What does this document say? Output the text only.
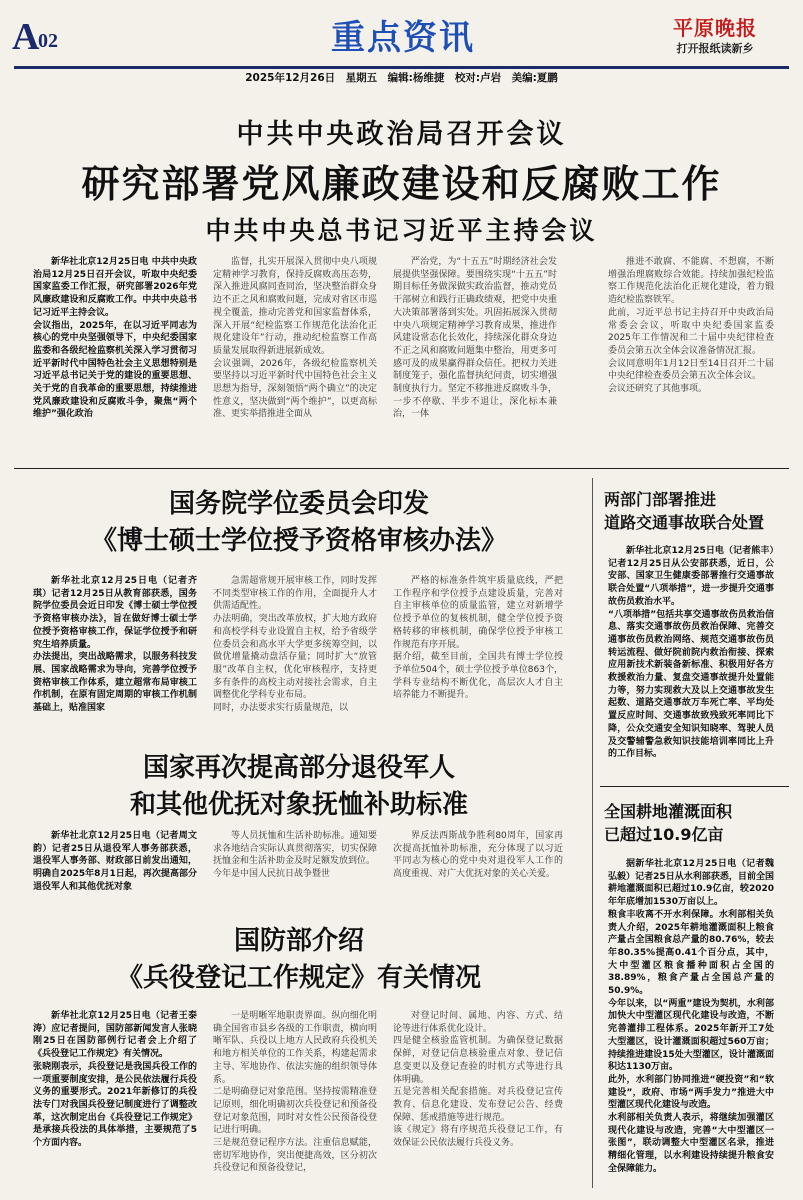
A
02	重点资讯	平原晚报
打开报纸读新乡
2025年12月26日　星期五　编辑:杨维捷　校对:卢岩　美编:夏鹏
中共中央政治局召开会议
研究部署党风廉政建设和反腐败工作
中共中央总书记习近平主持会议

新华社北京12月25日电 中共中央政治局12月25日召开会议，听取中央纪委国家监委工作汇报，研究部署2026年党风廉政建设和反腐败工作。中共中央总书记习近平主持会议。
会议指出，2025年，在以习近平同志为核心的党中央坚强领导下，中央纪委国家监委和各级纪检监察机关深入学习贯彻习近平新时代中国特色社会主义思想特别是习近平总书记关于党的建设的重要思想、关于党的自我革命的重要思想，持续推进党风廉政建设和反腐败斗争，聚焦“两个维护”强化政治

监督，扎实开展深入贯彻中央八项规定精神学习教育，保持反腐败高压态势，深入推进风腐同查同治，坚决整治群众身边不正之风和腐败问题，完成对省区市巡视全覆盖，推动完善党和国家监督体系，深入开展“纪检监察工作规范化法治化正规化建设年”行动，推动纪检监察工作高质量发展取得新进展新成效。
会议强调，2026年，各级纪检监察机关要坚持以习近平新时代中国特色社会主义思想为指导，深刻领悟“两个确立”的决定性意义，坚决做到“两个维护”，以更高标准、更实举措推进全面从

严治党，为“十五五”时期经济社会发展提供坚强保障。要围绕实现“十五五”时期目标任务做深做实政治监督，推动党员干部树立和践行正确政绩观，把党中央重大决策部署落到实处。巩固拓展深入贯彻中央八项规定精神学习教育成果，推进作风建设常态化长效化，持续深化群众身边不正之风和腐败问题集中整治，用更多可感可及的成果赢得群众信任。把权力关进制度笼子，强化监督执纪问责，切实增强制度执行力。坚定不移推进反腐败斗争，一步不停歇、半步不退让，深化标本兼治，一体

推进不敢腐、不能腐、不想腐，不断增强治理腐败综合效能。持续加强纪检监察工作规范化法治化正规化建设，着力锻造纪检监察铁军。
此前，习近平总书记主持召开中央政治局常委会会议，听取中央纪委国家监委2025年工作情况和二十届中央纪律检查委员会第五次全体会议准备情况汇报。
会议同意明年1月12日至14日召开二十届中央纪律检查委员会第五次全体会议。
会议还研究了其他事项。

国务院学位委员会印发
《博士硕士学位授予资格审核办法》

新华社北京12月25日电（记者齐琪）记者12月25日从教育部获悉，国务院学位委员会近日印发《博士硕士学位授予资格审核办法》，旨在做好博士硕士学位授予资格审核工作，保证学位授予和研究生培养质量。
办法提出，突出战略需求，以服务科技发展、国家战略需求为导向，完善学位授予资格审核工作体系，建立超常布局审核工作机制，在原有固定周期的审核工作机制基础上，贴准国家

急需超常规开展审核工作，同时发挥不同类型审核工作的作用，全面提升人才供需适配性。
办法明确，突出改革放权，扩大地方政府和高校学科专业设置自主权，给予省级学位委员会和高水平大学更多统筹空间，以做优增量撬动盘活存量；同时扩大“放管服”改革自主权，优化审核程序，支持更多有条件的高校主动对接社会需求，自主调整优化学科专业布局。
同时，办法要求实行质量规范，以

严格的标准条件筑牢质量底线，严把工作程序和学位授予点建设质量，完善对自主审核单位的质量监管，建立对新增学位授予单位的复核机制，健全学位授予资格转移的审核机制，确保学位授予审核工作规范有序开展。
据介绍，截至目前，全国共有博士学位授予单位504个，硕士学位授予单位863个，学科专业结构不断优化，高层次人才自主培养能力不断提升。

两部门部署推进
道路交通事故联合处置

新华社北京12月25日电（记者熊丰）记者12月25日从公安部获悉，近日，公安部、国家卫生健康委部署推行交通事故联合处置“八项举措”，进一步提升交通事故伤员救治水平。
“八项举措”包括共享交通事故伤员救治信息、落实交通事故伤员救治保障、完善交通事故伤员救治网络、规范交通事故伤员转运流程、做好院前院内救治衔接、探索应用新技术新装备新标准、积极用好各方救援救治力量、复盘交通事故提升处置能力等，努力实现救大及以上交通事故发生起数、道路交通事故万车死亡率、平均处置反应时间、交通事故致残致死率同比下降，公众交通安全知识知晓率、驾驶人员及交警辅警急救知识技能培训率同比上升的工作目标。

国家再次提高部分退役军人
和其他优抚对象抚恤补助标准

新华社北京12月25日电（记者周文韵）记者25日从退役军人事务部获悉，退役军人事务部、财政部日前发出通知，明确自2025年8月1日起，再次提高部分退役军人和其他优抚对象

等人员抚恤和生活补助标准。通知要求各地结合实际认真贯彻落实，切实保障抚恤金和生活补助金及时足额发放到位。
今年是中国人民抗日战争暨世

界反法西斯战争胜利80周年，国家再次提高抚恤补助标准，充分体现了以习近平同志为核心的党中央对退役军人工作的高度重视、对广大优抚对象的关心关爱。

全国耕地灌溉面积
已超过10.9亿亩

据新华社北京12月25日电（记者魏弘毅）记者25日从水利部获悉，目前全国耕地灌溉面积已超过10.9亿亩，较2020年年底增加1530万亩以上。
粮食丰收离不开水利保障。水利部相关负责人介绍，2025年耕地灌溉面积上粮食产量占全国粮食总产量的80.76%，较去年80.35%提高0.41个百分点，其中，大中型灌区粮食播种面积占全国的38.89%，粮食产量占全国总产量的50.9%。
今年以来，以“两重”建设为契机，水利部加快大中型灌区现代化建设与改造，不断完善灌排工程体系。2025年新开工7处大型灌区，设计灌溉面积超过560万亩；持续推进建设15处大型灌区，设计灌溉面积达1130万亩。
此外，水利部门协同推进“硬投资”和“软建设”，政府、市场“两手发力”推进大中型灌区现代化建设与改造。
水利部相关负责人表示，将继续加强灌区现代化建设与改造，完善“大中型灌区一张图”，联动调整大中型灌区名录，推进精细化管理，以水利建设持续提升粮食安全保障能力。

国防部介绍
《兵役登记工作规定》有关情况

新华社北京12月25日电（记者王泰涛）应记者提问，国防部新闻发言人张晓刚25日在国防部例行记者会上介绍了《兵役登记工作规定》有关情况。
张晓刚表示，兵役登记是我国兵役工作的一项重要制度安排，是公民依法履行兵役义务的重要形式。2021年新修订的兵役法专门对我国兵役登记制度进行了调整改革，这次制定出台《兵役登记工作规定》是承接兵役法的具体举措，主要规范了5个方面内容。

一是明晰军地职责界面。纵向细化明确全国省市县乡各级的工作职责，横向明晰军队、兵役以上地方人民政府兵役机关和地方相关单位的工作关系，构建起需求主导、军地协作、依法实施的组织领导体系。
二是明确登记对象范围。坚持按需精准登记原则，细化明确初次兵役登记和预备役登记对象范围，同时对女性公民预备役登记进行明确。
三是规范登记程序方法。注重信息赋能，密切军地协作，突出便捷高效，区分初次兵役登记和预备役登记，

对登记时间、属地、内容、方式、结论等进行体系优化设计。
四是健全核验监管机制。为确保登记数据保鲜，对登记信息核验重点对象、登记信息变更以及登记查验的时机方式等进行具体明确。
五是完善相关配套措施。对兵役登记宣传教育、信息化建设、发布登记公告、经费保障、惩戒措施等进行规范。
该《规定》将有序规范兵役登记工作，有效保证公民依法履行兵役义务。
